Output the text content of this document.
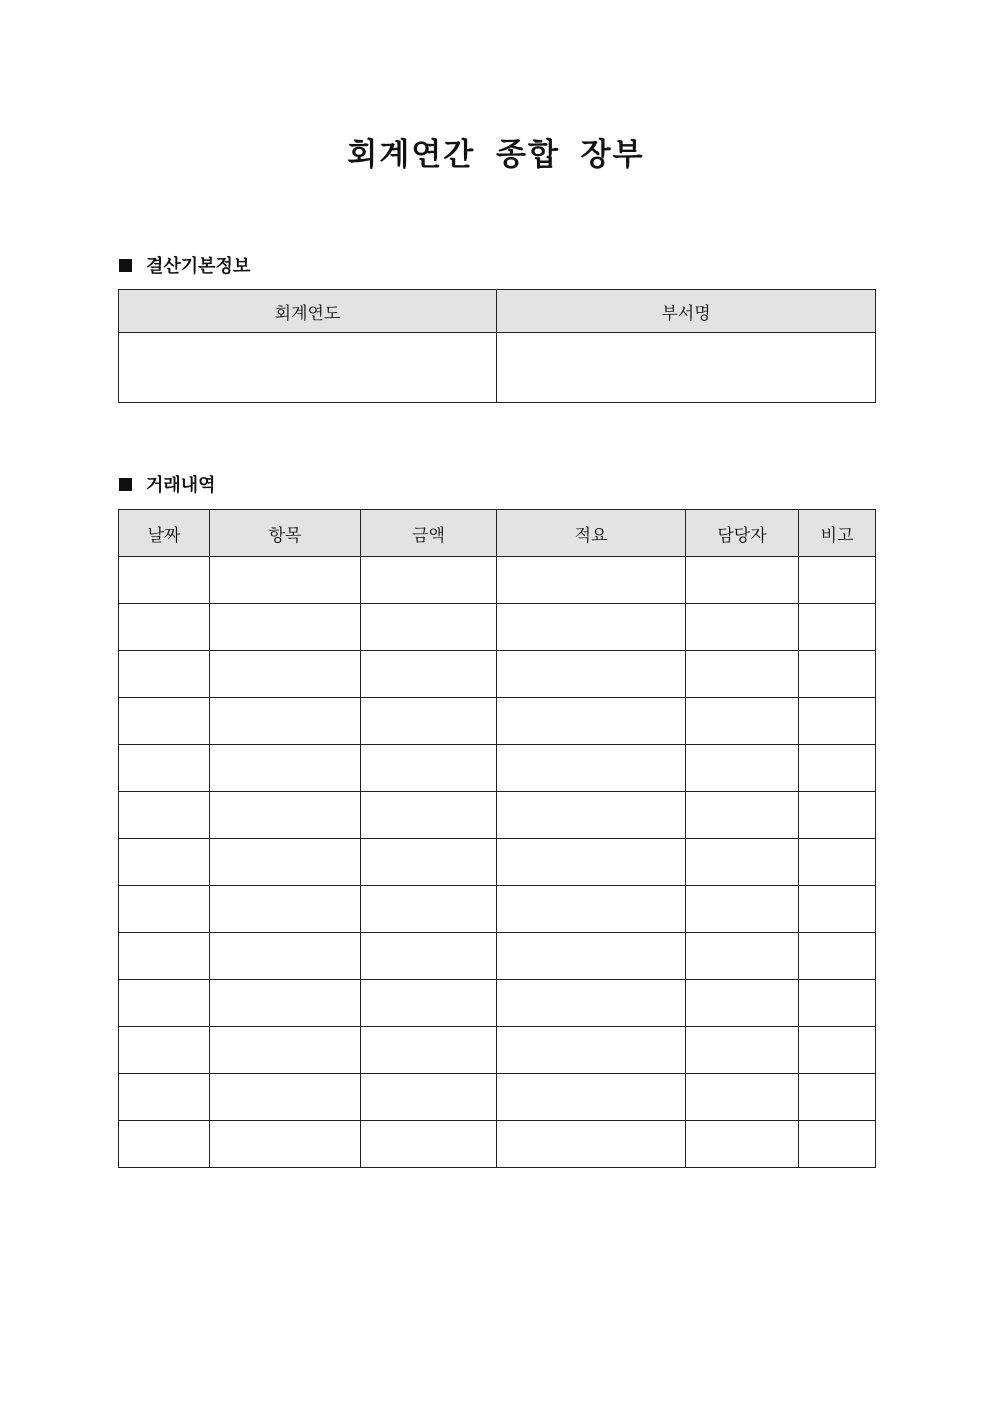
회계연간 종합 장부
결산기본정보
회계연도	부서명

거래내역
날짜	항목	금액	적요	담당자	비고
